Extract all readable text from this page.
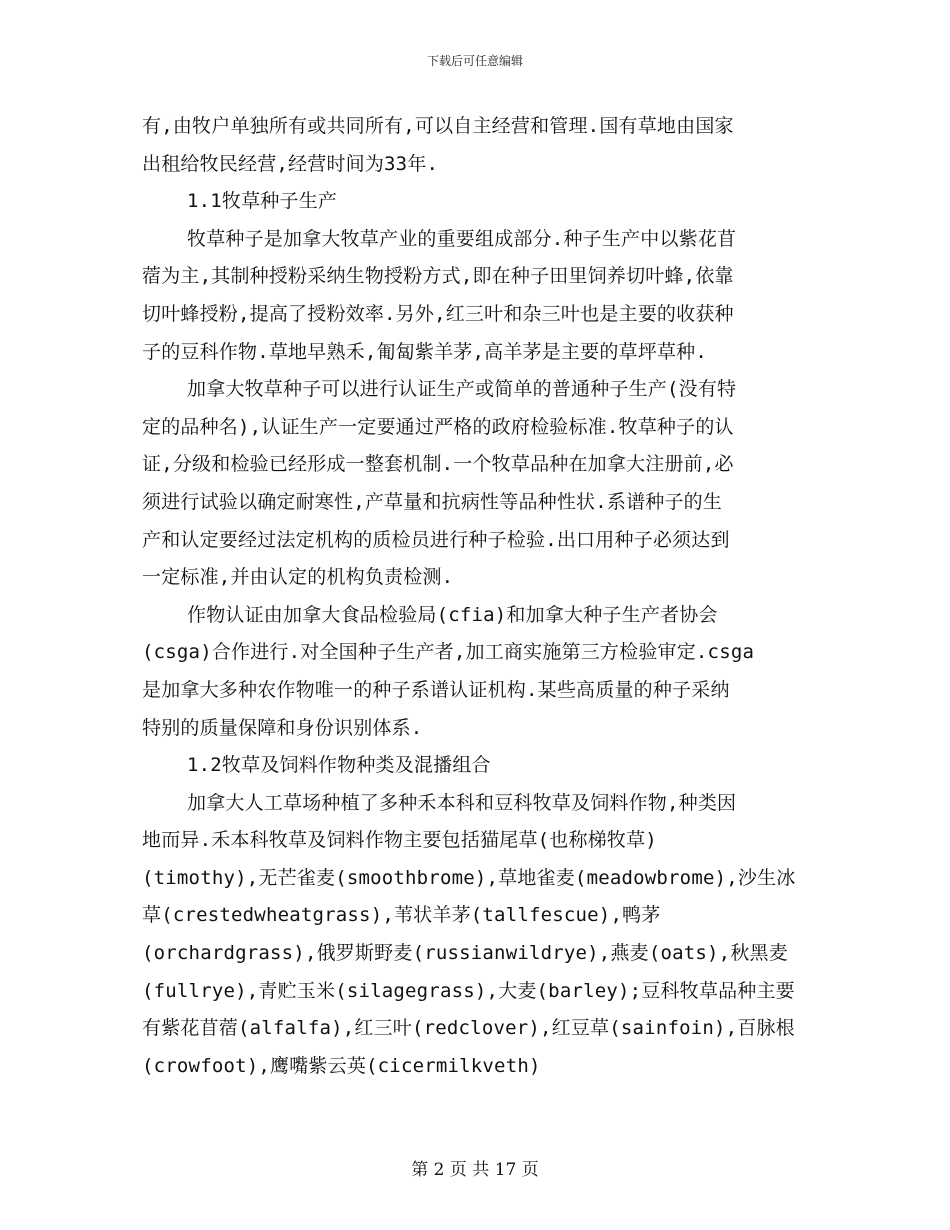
下载后可任意编辑
有,由牧户单独所有或共同所有,可以自主经营和管理.国有草地由国家
出租给牧民经营,经营时间为33年.
1.1牧草种子生产
牧草种子是加拿大牧草产业的重要组成部分.种子生产中以紫花苜
蓿为主,其制种授粉采纳生物授粉方式,即在种子田里饲养切叶蜂,依靠
切叶蜂授粉,提高了授粉效率.另外,红三叶和杂三叶也是主要的收获种
子的豆科作物.草地早熟禾,匍匐紫羊茅,高羊茅是主要的草坪草种.
加拿大牧草种子可以进行认证生产或简单的普通种子生产(没有特
定的品种名),认证生产一定要通过严格的政府检验标准.牧草种子的认
证,分级和检验已经形成一整套机制.一个牧草品种在加拿大注册前,必
须进行试验以确定耐寒性,产草量和抗病性等品种性状.系谱种子的生
产和认定要经过法定机构的质检员进行种子检验.出口用种子必须达到
一定标准,并由认定的机构负责检测.
作物认证由加拿大食品检验局(cfia)和加拿大种子生产者协会
(csga)合作进行.对全国种子生产者,加工商实施第三方检验审定.csga
是加拿大多种农作物唯一的种子系谱认证机构.某些高质量的种子采纳
特别的质量保障和身份识别体系.
1.2牧草及饲料作物种类及混播组合
加拿大人工草场种植了多种禾本科和豆科牧草及饲料作物,种类因
地而异.禾本科牧草及饲料作物主要包括猫尾草(也称梯牧草)
(timothy),无芒雀麦(smoothbrome),草地雀麦(meadowbrome),沙生冰
草(crestedwheatgrass),苇状羊茅(tallfescue),鸭茅
(orchardgrass),俄罗斯野麦(russianwildrye),燕麦(oats),秋黑麦
(fullrye),青贮玉米(silagegrass),大麦(barley);豆科牧草品种主要
有紫花苜蓿(alfalfa),红三叶(redclover),红豆草(sainfoin),百脉根
(crowfoot),鹰嘴紫云英(cicermilkveth)
第 2 页 共 17 页
